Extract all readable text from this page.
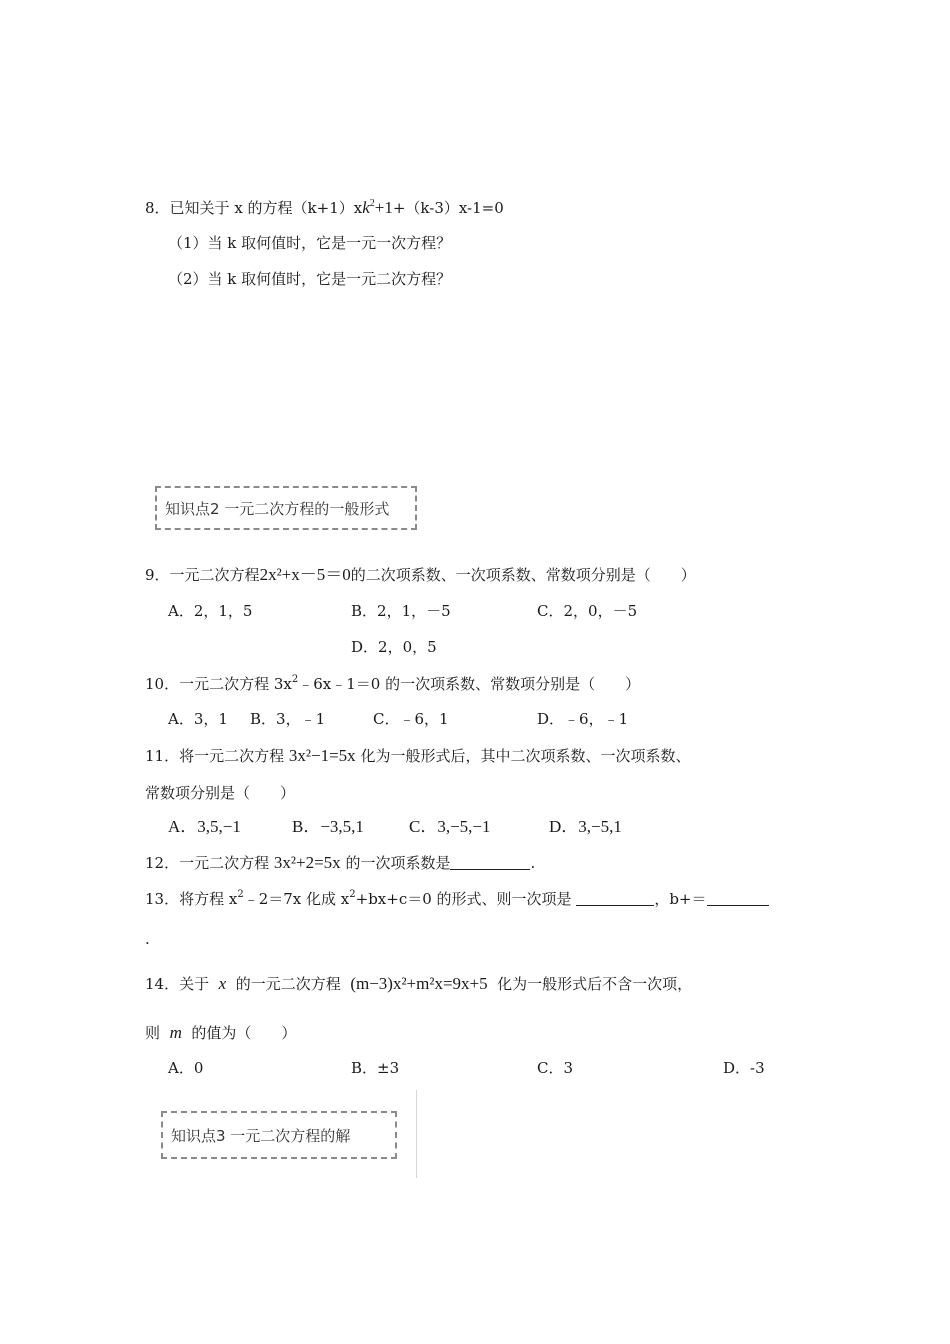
8．已知关于 x 的方程$(k+1)xk^2+1+(k-3)x-1=0$
（1）当 k 取何值时，它是一元一次方程？
（2）当 k 取何值时，它是一元二次方程？
知识点2 一元二次方程的一般形式
9．一元二次方程2x²+x－5＝0的二次项系数、一次项系数、常数项分别是（　　）
A．2，1，5	B．2，1，－5	C．2，0，－5
D．2，0，5
10．一元二次方程 $3x^2﹣6x﹣1=0$ 的一次项系数、常数项分别是（　　）
A．3，1 B．3，﹣1	C．﹣6，1	D．﹣6，﹣1
11．将一元二次方程 3x²−1=5x 化为一般形式后，其中二次项系数、一次项系数、
常数项分别是（　　）
A．3,5,−1	B．−3,5,1	C．3,−5,−1	D．3,−5,1
12．一元二次方程 3x²+2=5x 的一次项系数是	.
13．将方程 $x^2﹣2=7x$ 化成 $x^2+bx+c=0$ 的形式、则一次项是	，b+＝
.
14．关于 x 的一元二次方程 (m−3)x²+m²x=9x+5 化为一般形式后不含一次项，
则 m 的值为（　　）
A．0	B．±3	C．3	D．-3
知识点3 一元二次方程的解
